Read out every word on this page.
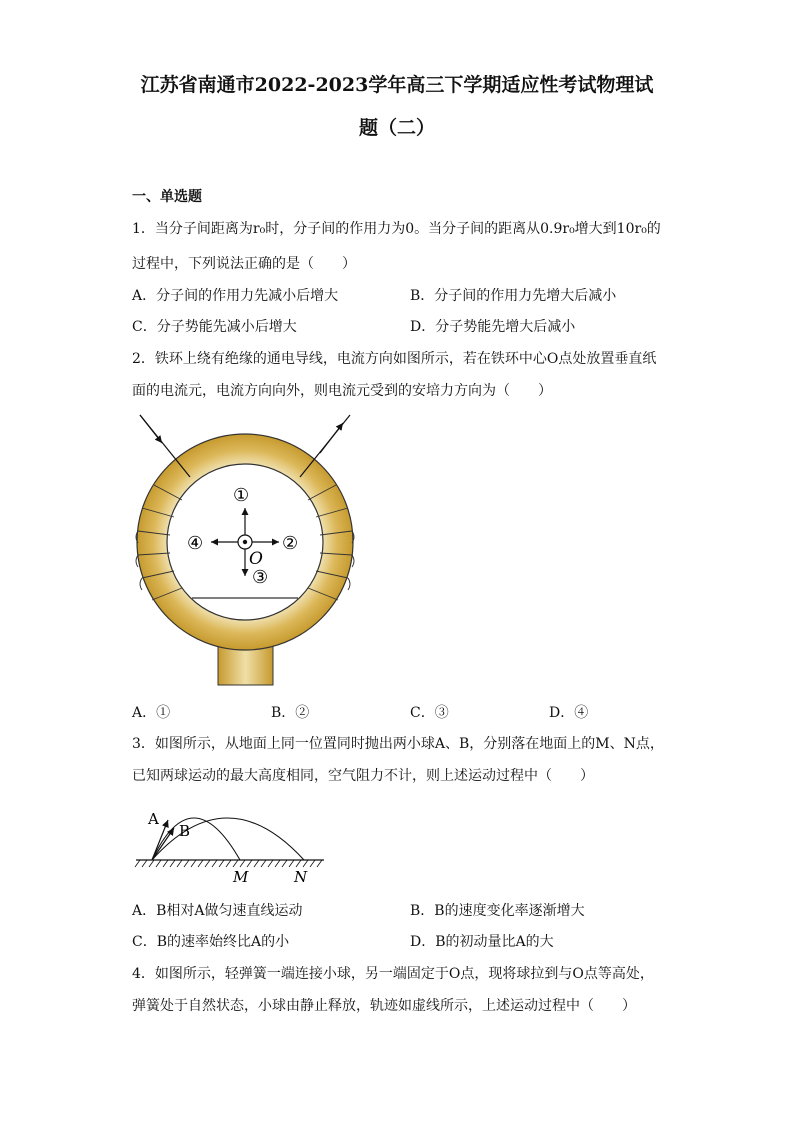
江苏省南通市2022-2023学年高三下学期适应性考试物理试
题（二）
一、单选题
1．当分子间距离为r₀时，分子间的作用力为0。当分子间的距离从0.9r₀增大到10r₀的
过程中，下列说法正确的是（　　）
A．分子间的作用力先减小后增大	B．分子间的作用力先增大后减小
C．分子势能先减小后增大	D．分子势能先增大后减小
2．铁环上绕有绝缘的通电导线，电流方向如图所示，若在铁环中心O点处放置垂直纸
面的电流元，电流方向向外，则电流元受到的安培力方向为（　　）
①
②
③
④
O
A．①	B．②	C．③	D．④
3．如图所示，从地面上同一位置同时抛出两小球A、B，分别落在地面上的M、N点，
已知两球运动的最大高度相同，空气阻力不计，则上述运动过程中（　　）
A
B
M	N
A．B相对A做匀速直线运动	B．B的速度变化率逐渐增大
C．B的速率始终比A的小	D．B的初动量比A的大
4．如图所示，轻弹簧一端连接小球，另一端固定于O点，现将球拉到与O点等高处，
弹簧处于自然状态，小球由静止释放，轨迹如虚线所示，上述运动过程中（　　）
